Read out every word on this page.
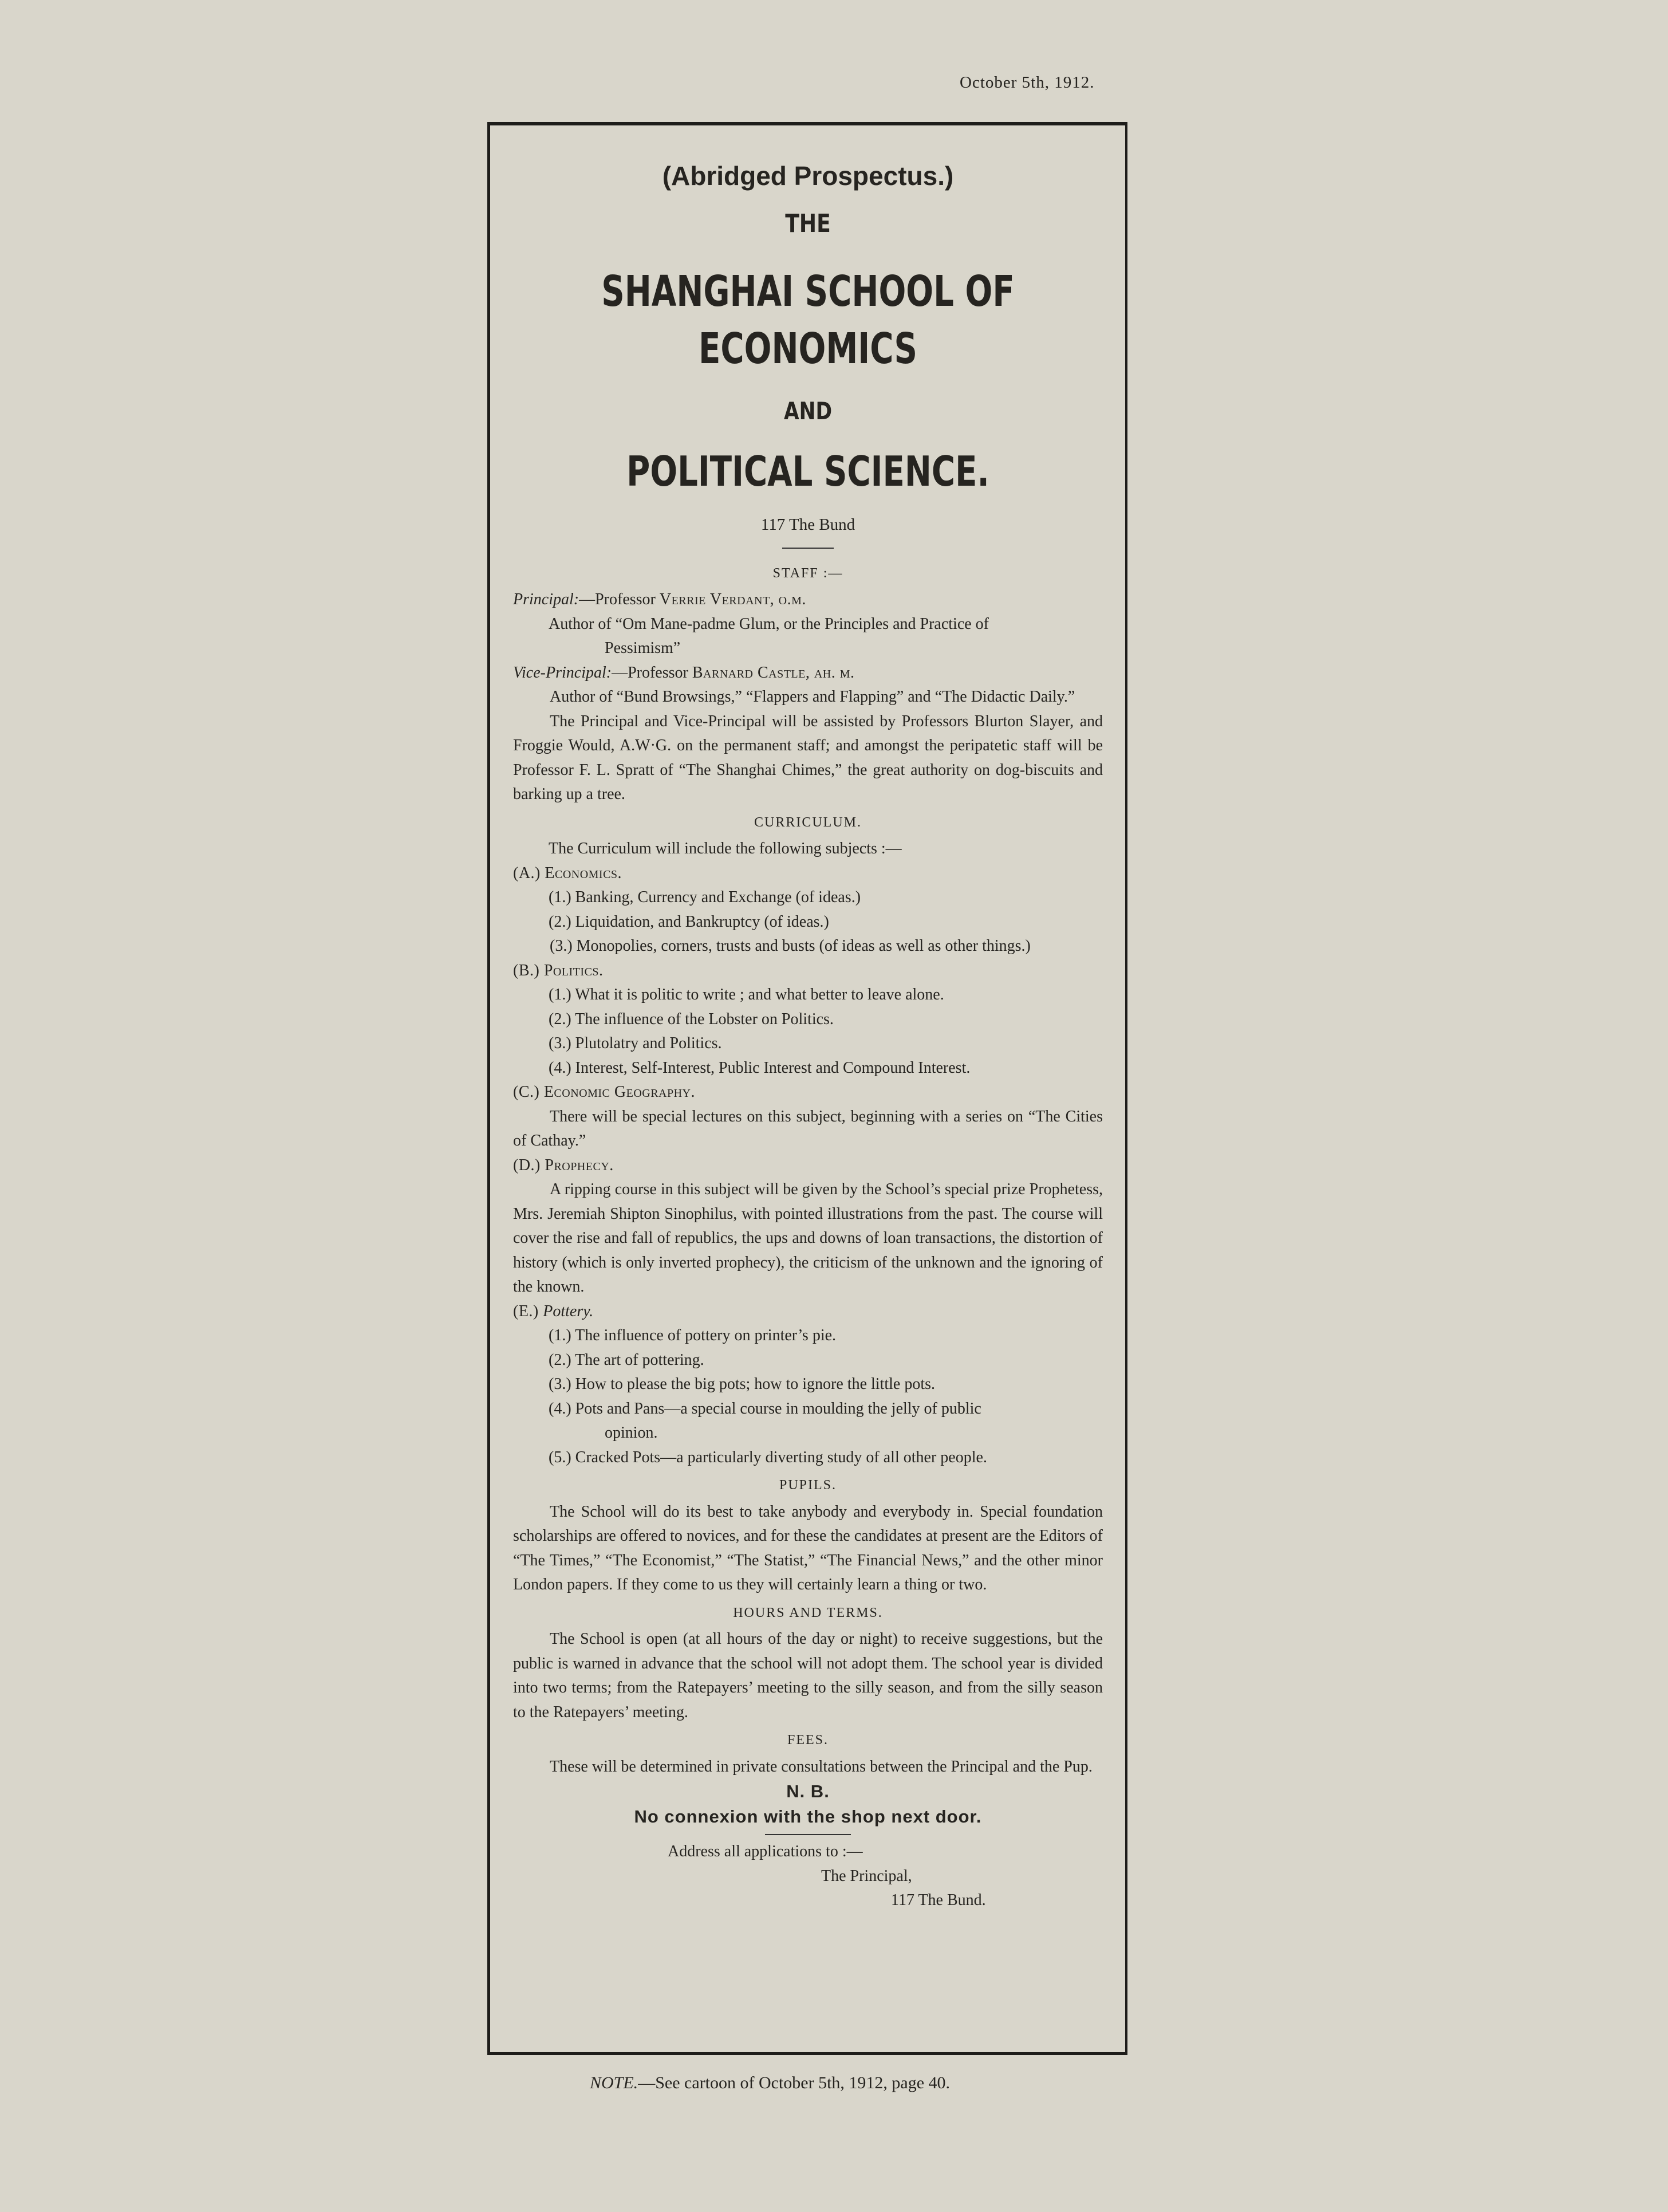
October 5th, 1912.
(Abridged Prospectus.)
THE
SHANGHAI SCHOOL OF ECONOMICS
AND
POLITICAL SCIENCE.
117 The Bund
STAFF :—
Principal:—Professor Verrie Verdant, o.m.
Author of “Om Mane-padme Glum, or the Principles and Practice of
Pessimism”
Vice-Principal:—Professor Barnard Castle, ah. m.
Author of “Bund Browsings,” “Flappers and Flapping” and “The Didactic Daily.”
The Principal and Vice-Principal will be assisted by Professors Blurton Slayer, and Froggie Would, A.W·G. on the permanent staff; and amongst the peripatetic staff will be Professor F. L. Spratt of “The Shanghai Chimes,” the great authority on dog-biscuits and barking up a tree.
CURRICULUM.
The Curriculum will include the following subjects :—
(A.) Economics.
(1.) Banking, Currency and Exchange (of ideas.)
(2.) Liquidation, and Bankruptcy (of ideas.)
(3.) Monopolies, corners, trusts and busts (of ideas as well as other things.)
(B.) Politics.
(1.) What it is politic to write ; and what better to leave alone.
(2.) The influence of the Lobster on Politics.
(3.) Plutolatry and Politics.
(4.) Interest, Self-Interest, Public Interest and Compound Interest.
(C.) Economic Geography.
There will be special lectures on this subject, beginning with a series on “The Cities of Cathay.”
(D.) Prophecy.
A ripping course in this subject will be given by the School’s special prize Prophetess, Mrs. Jeremiah Shipton Sinophilus, with pointed illustrations from the past. The course will cover the rise and fall of republics, the ups and downs of loan transactions, the distortion of history (which is only inverted prophecy), the criticism of the unknown and the ignoring of the known.
(E.) Pottery.
(1.) The influence of pottery on printer’s pie.
(2.) The art of pottering.
(3.) How to please the big pots; how to ignore the little pots.
(4.) Pots and Pans—a special course in moulding the jelly of public
opinion.
(5.) Cracked Pots—a particularly diverting study of all other people.
PUPILS.
The School will do its best to take anybody and everybody in. Special foundation scholarships are offered to novices, and for these the candidates at present are the Editors of “The Times,” “The Economist,” “The Statist,” “The Financial News,” and the other minor London papers. If they come to us they will certainly learn a thing or two.
HOURS AND TERMS.
The School is open (at all hours of the day or night) to receive suggestions, but the public is warned in advance that the school will not adopt them. The school year is divided into two terms; from the Ratepayers’ meeting to the silly season, and from the silly season to the Ratepayers’ meeting.
FEES.
These will be determined in private consultations between the Principal and the Pup.
N. B.
No connexion with the shop next door.
Address all applications to :—
The Principal,
117 The Bund.
NOTE.—See cartoon of October 5th, 1912, page 40.
